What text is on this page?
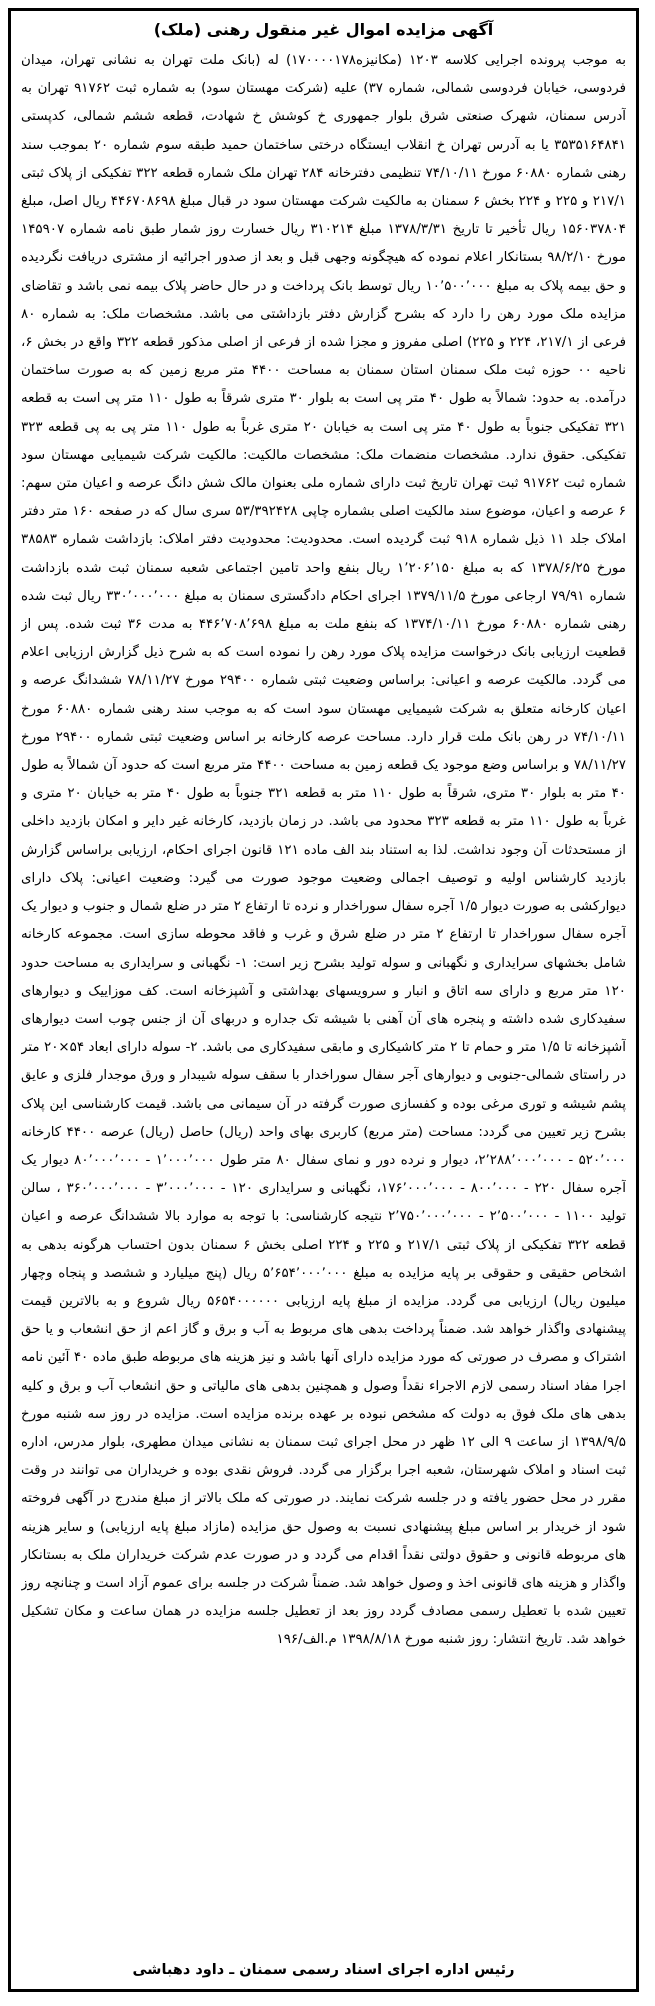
آگهی مزایده اموال غیر منقول رهنی (ملک)

به موجب پرونده اجرایی کلاسه ۱۲۰۳ (مکانیزه۱۷۰۰۰۰۱۷۸) له (بانک ملت تهران به نشانی تهران، میدان فردوسی، خیابان فردوسی شمالی، شماره ۳۷) علیه (شرکت مهستان سود) به شماره ثبت ۹۱۷۶۲ تهران به آدرس سمنان، شهرک صنعتی شرق بلوار جمهوری خ کوشش خ شهادت، قطعه ششم شمالی، کدپستی ۳۵۳۵۱۶۴۸۴۱ یا به آدرس تهران خ انقلاب ایستگاه درختی ساختمان حمید طبقه سوم شماره ۲۰ بموجب سند رهنی شماره ۶۰۸۸۰ مورخ ۷۴/۱۰/۱۱ تنظیمی دفترخانه ۲۸۴ تهران ملک شماره قطعه ۳۲۲ تفکیکی از پلاک ثبتی ۲۱۷/۱ و ۲۲۵ و ۲۲۴ بخش ۶ سمنان به مالکیت شرکت مهستان سود در قبال مبلغ ۴۴۶۷۰۸۶۹۸ ریال اصل، مبلغ ۱۵۶۰۳۷۸۰۴ ریال تأخیر تا تاریخ ۱۳۷۸/۳/۳۱ مبلغ ۳۱۰۲۱۴ ریال خسارت روز شمار طبق نامه شماره ۱۴۵۹۰۷ مورخ ۹۸/۲/۱۰ بستانکار اعلام نموده که هیچگونه وجهی قبل و بعد از صدور اجرائیه از مشتری دریافت نگردیده و حق بیمه پلاک به مبلغ ۱۰٬۵۰۰٬۰۰۰ ریال توسط بانک پرداخت و در حال حاضر پلاک بیمه نمی باشد و تقاضای مزایده ملک مورد رهن را دارد که بشرح گزارش دفتر بازداشتی می باشد. مشخصات ملک: به شماره ۸۰ فرعی از ۲۱۷/۱، ۲۲۴ و ۲۲۵) اصلی مفروز و مجزا شده از فرعی از اصلی مذکور قطعه ۳۲۲ واقع در بخش ۶، ناحیه ۰۰ حوزه ثبت ملک سمنان استان سمنان به مساحت ۴۴۰۰ متر مربع زمین که به صورت ساختمان درآمده. به حدود: شمالاً به طول ۴۰ متر پی است به بلوار ۳۰ متری شرقاً به طول ۱۱۰ متر پی است به قطعه ۳۲۱ تفکیکی جنوباً به طول ۴۰ متر پی است به خیابان ۲۰ متری غرباً به طول ۱۱۰ متر پی به پی قطعه ۳۲۳ تفکیکی. حقوق ندارد. مشخصات منضمات ملک: مشخصات مالکیت: مالکیت شرکت شیمیایی مهستان سود شماره ثبت ۹۱۷۶۲ ثبت تهران تاریخ ثبت دارای شماره ملی بعنوان مالک شش دانگ عرصه و اعیان متن سهم: ۶ عرصه و اعیان، موضوع سند مالکیت اصلی بشماره چاپی ۵۳/۳۹۲۴۲۸ سری سال که در صفحه ۱۶۰ متر دفتر املاک جلد ۱۱ ذیل شماره ۹۱۸ ثبت گردیده است. محدودیت: محدودیت دفتر املاک: بازداشت شماره ۳۸۵۸۳ مورخ ۱۳۷۸/۶/۲۵ که به مبلغ ۱٬۲۰۶٬۱۵۰ ریال بنفع واحد تامین اجتماعی شعبه سمنان ثبت شده بازداشت شماره ۷۹/۹۱ ارجاعی مورخ ۱۳۷۹/۱۱/۵ اجرای احکام دادگستری سمنان به مبلغ ۳۳۰٬۰۰۰٬۰۰۰ ریال ثبت شده رهنی شماره ۶۰۸۸۰ مورخ ۱۳۷۴/۱۰/۱۱ که بنفع ملت به مبلغ ۴۴۶٬۷۰۸٬۶۹۸ به مدت ۳۶ ثبت شده. پس از قطعیت ارزیابی بانک درخواست مزایده پلاک مورد رهن را نموده است که به شرح ذیل گزارش ارزیابی اعلام می گردد. مالکیت عرصه و اعیانی: براساس وضعیت ثبتی شماره ۲۹۴۰۰ مورخ ۷۸/۱۱/۲۷ ششدانگ عرصه و اعیان کارخانه متعلق به شرکت شیمیایی مهستان سود است که به موجب سند رهنی شماره ۶۰۸۸۰ مورخ ۷۴/۱۰/۱۱ در رهن بانک ملت قرار دارد. مساحت عرصه کارخانه بر اساس وضعیت ثبتی شماره ۲۹۴۰۰ مورخ ۷۸/۱۱/۲۷ و براساس وضع موجود یک قطعه زمین به مساحت ۴۴۰۰ متر مربع است که حدود آن شمالاً به طول ۴۰ متر به بلوار ۳۰ متری، شرقاً به طول ۱۱۰ متر به قطعه ۳۲۱ جنوباً به طول ۴۰ متر به خیابان ۲۰ متری و غرباً به طول ۱۱۰ متر به قطعه ۳۲۳ محدود می باشد. در زمان بازدید، کارخانه غیر دایر و امکان بازدید داخلی از مستحدثات آن وجود نداشت. لذا به استناد بند الف ماده ۱۲۱ قانون اجرای احکام، ارزیابی براساس گزارش بازدید کارشناس اولیه و توصیف اجمالی وضعیت موجود صورت می گیرد: وضعیت اعیانی: پلاک دارای دیوارکشی به صورت دیوار ۱/۵ آجره سفال سوراخدار و نرده تا ارتفاع ۲ متر در ضلع شمال و جنوب و دیوار یک آجره سفال سوراخدار تا ارتفاع ۲ متر در ضلع شرق و غرب و فاقد محوطه سازی است. مجموعه کارخانه شامل بخشهای سرایداری و نگهبانی و سوله تولید بشرح زیر است: ۱- نگهبانی و سرایداری به مساحت حدود ۱۲۰ متر مربع و دارای سه اتاق و انبار و سرویسهای بهداشتی و آشپزخانه است. کف موزاییک و دیوارهای سفیدکاری شده داشته و پنجره های آن آهنی با شیشه تک جداره و دربهای آن از جنس چوب است دیوارهای آشپزخانه تا ۱/۵ متر و حمام تا ۲ متر کاشیکاری و مابقی سفیدکاری می باشد. ۲- سوله دارای ابعاد ۵۴×۲۰ متر در راستای شمالی-جنوبی و دیوارهای آجر سفال سوراخدار با سقف سوله شیبدار و ورق موجدار فلزی و عایق پشم شیشه و توری مرغی بوده و کفسازی صورت گرفته در آن سیمانی می باشد. قیمت کارشناسی این پلاک بشرح زیر تعیین می گردد: مساحت (متر مربع) کاربری بهای واحد (ریال) حاصل (ریال) عرصه ۴۴۰۰ کارخانه ۵۲۰٬۰۰۰ - ۲٬۲۸۸٬۰۰۰٬۰۰۰، دیوار و نرده دور و نمای سفال ۸۰ متر طول ۱٬۰۰۰٬۰۰۰ - ۸۰٬۰۰۰٬۰۰۰ دیوار یک آجره سفال ۲۲۰ - ۸۰۰٬۰۰۰ - ۱۷۶٬۰۰۰٬۰۰۰، نگهبانی و سرایداری ۱۲۰ - ۳٬۰۰۰٬۰۰۰ - ۳۶۰٬۰۰۰٬۰۰۰ ، سالن تولید ۱۱۰۰ - ۲٬۵۰۰٬۰۰۰ - ۲٬۷۵۰٬۰۰۰٬۰۰۰ نتیجه کارشناسی: با توجه به موارد بالا ششدانگ عرصه و اعیان قطعه ۳۲۲ تفکیکی از پلاک ثبتی ۲۱۷/۱ و ۲۲۵ و ۲۲۴ اصلی بخش ۶ سمنان بدون احتساب هرگونه بدهی به اشخاص حقیقی و حقوقی بر پایه مزایده به مبلغ ۵٬۶۵۴٬۰۰۰٬۰۰۰ ریال (پنج میلیارد و ششصد و پنجاه وچهار میلیون ریال) ارزیابی می گردد. مزایده از مبلغ پایه ارزیابی ۵۶۵۴۰۰۰۰۰۰ ریال شروع و به بالاترین قیمت پیشنهادی واگذار خواهد شد. ضمناً پرداخت بدهی های مربوط به آب و برق و گاز اعم از حق انشعاب و یا حق اشتراک و مصرف در صورتی که مورد مزایده دارای آنها باشد و نیز هزینه های مربوطه طبق ماده ۴۰ آئین نامه اجرا مفاد اسناد رسمی لازم الاجراء نقداً وصول و همچنین بدهی های مالیاتی و حق انشعاب آب و برق و کلیه بدهی های ملک فوق به دولت که مشخص نبوده بر عهده برنده مزایده است. مزایده در روز سه شنبه مورخ ۱۳۹۸/۹/۵ از ساعت ۹ الی ۱۲ ظهر در محل اجرای ثبت سمنان به نشانی میدان مطهری، بلوار مدرس، اداره ثبت اسناد و املاک شهرستان، شعبه اجرا برگزار می گردد. فروش نقدی بوده و خریداران می توانند در وقت مقرر در محل حضور یافته و در جلسه شرکت نمایند. در صورتی که ملک بالاتر از مبلغ مندرج در آگهی فروخته شود از خریدار بر اساس مبلغ پیشنهادی نسبت به وصول حق مزایده (مازاد مبلغ پایه ارزیابی) و سایر هزینه های مربوطه قانونی و حقوق دولتی نقداً اقدام می گردد و در صورت عدم شرکت خریداران ملک به بستانکار واگذار و هزینه های قانونی اخذ و وصول خواهد شد. ضمناً شرکت در جلسه برای عموم آزاد است و چنانچه روز تعیین شده با تعطیل رسمی مصادف گردد روز بعد از تعطیل جلسه مزایده در همان ساعت و مکان تشکیل خواهد شد. تاریخ انتشار: روز شنبه مورخ ۱۳۹۸/۸/۱۸ م.الف/۱۹۶

رئیس اداره اجرای اسناد رسمی سمنان ـ داود دهباشی
